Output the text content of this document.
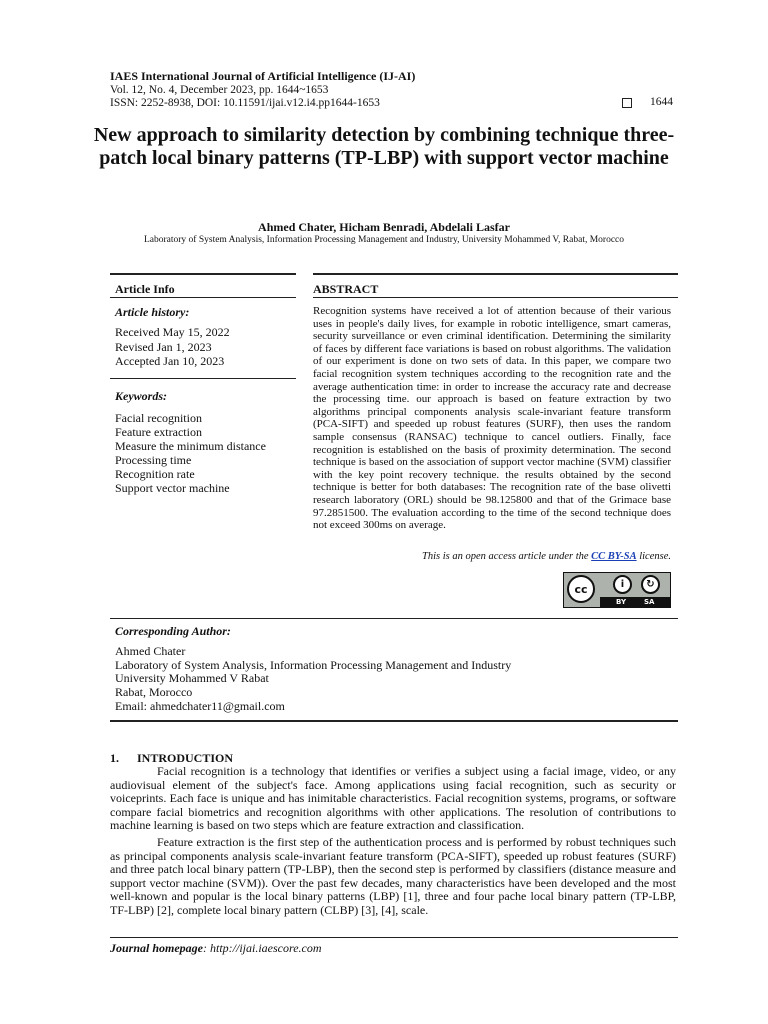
IAES International Journal of Artificial Intelligence (IJ-AI)
Vol. 12, No. 4, December 2023, pp. 1644~1653
ISSN: 2252-8938, DOI: 10.11591/ijai.v12.i4.pp1644-1653	1644
New approach to similarity detection by combining technique three-patch local binary patterns (TP-LBP) with support vector machine
Ahmed Chater, Hicham Benradi, Abdelali Lasfar
Laboratory of System Analysis, Information Processing Management and Industry, University Mohammed V, Rabat, Morocco
Article Info	ABSTRACT
Article history:
Received May 15, 2022
Revised Jan 1, 2023
Accepted Jan 10, 2023
Keywords:
Facial recognition
Feature extraction
Measure the minimum distance
Processing time
Recognition rate
Support vector machine
Recognition systems have received a lot of attention because of their various uses in people's daily lives, for example in robotic intelligence, smart cameras, security surveillance or even criminal identification. Determining the similarity of faces by different face variations is based on robust algorithms. The validation of our experiment is done on two sets of data. In this paper, we compare two facial recognition system techniques according to the recognition rate and the average authentication time: in order to increase the accuracy rate and decrease the processing time. our approach is based on feature extraction by two algorithms principal components analysis scale-invariant feature transform (PCA-SIFT) and speeded up robust features (SURF), then uses the random sample consensus (RANSAC) technique to cancel outliers. Finally, face recognition is established on the basis of proximity determination. The second technique is based on the association of support vector machine (SVM) classifier with the key point recovery technique. the results obtained by the second technique is better for both databases: The recognition rate of the base olivetti research laboratory (ORL) should be 98.125800 and that of the Grimace base 97.2851500. The evaluation according to the time of the second technique does not exceed 300ms on average.
This is an open access article under the CC BY-SA license.
cc	i	↻
BY	SA
Corresponding Author:
Ahmed Chater
Laboratory of System Analysis, Information Processing Management and Industry
University Mohammed V Rabat
Rabat, Morocco
Email: ahmedchater11@gmail.com
1.      INTRODUCTION
Facial recognition is a technology that identifies or verifies a subject using a facial image, video, or any audiovisual element of the subject's face. Among applications using facial recognition, such as security or voiceprints. Each face is unique and has inimitable characteristics. Facial recognition systems, programs, or software compare facial biometrics and recognition algorithms with other applications. The resolution of contributions to machine learning is based on two steps which are feature extraction and classification.
Feature extraction is the first step of the authentication process and is performed by robust techniques such as principal components analysis scale-invariant feature transform (PCA-SIFT), speeded up robust features (SURF) and three patch local binary pattern (TP-LBP), then the second step is performed by classifiers (distance measure and support vector machine (SVM)). Over the past few decades, many characteristics have been developed and the most well-known and popular is the local binary patterns (LBP) [1], three and four pache local binary pattern (TP-LBP, TF-LBP) [2], complete local binary pattern (CLBP) [3], [4], scale.
Journal homepage: http://ijai.iaescore.com
